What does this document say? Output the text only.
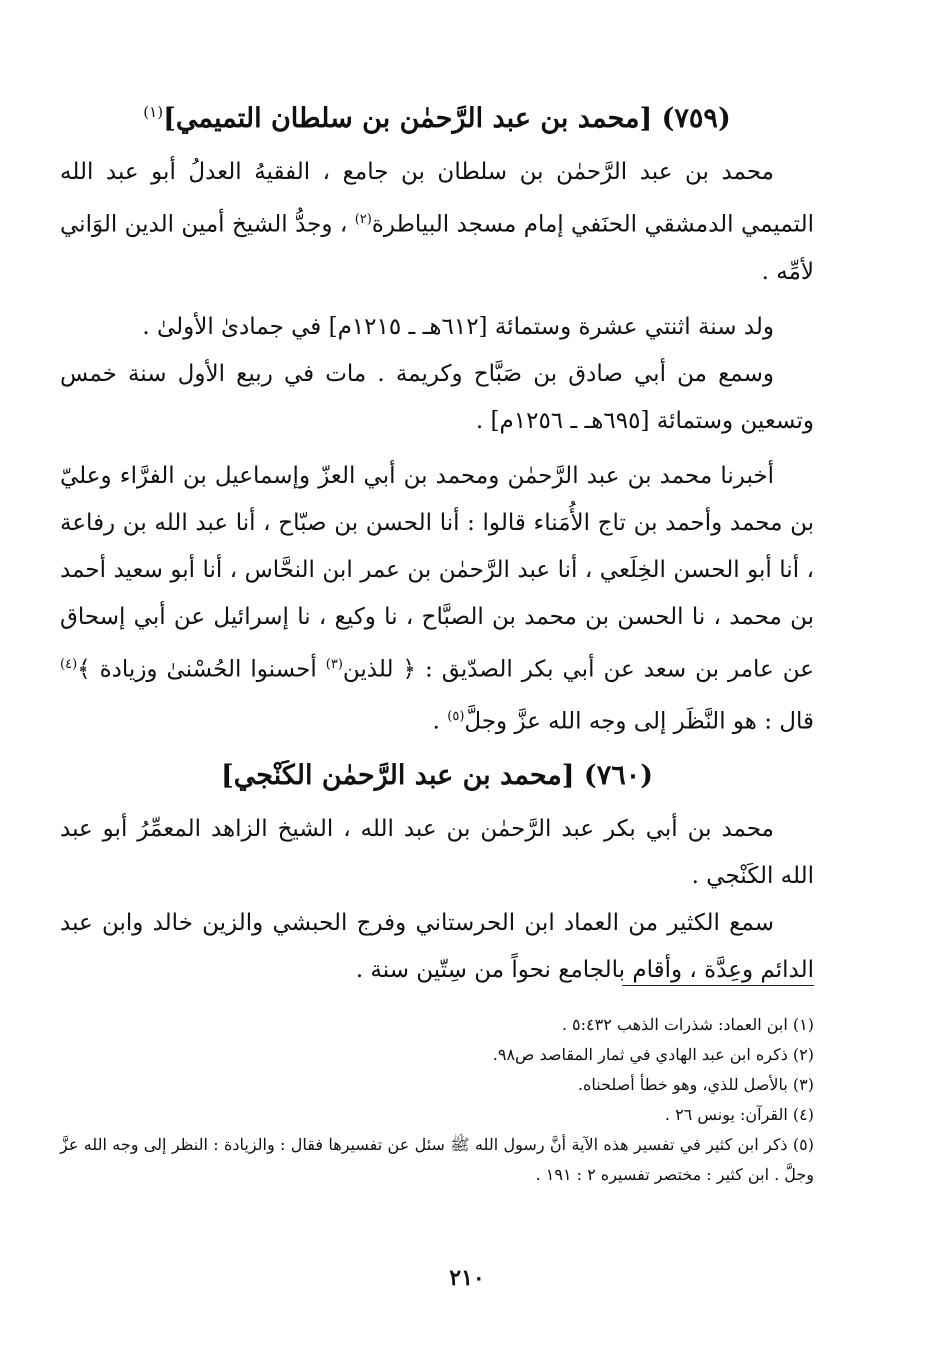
(٧٥٩) [محمد بن عبد الرَّحمٰن بن سلطان التميمي]$^{(١)}$

محمد بن عبد الرَّحمٰن بن سلطان بن جامع ، الفقيهُ العدلُ أبو عبد الله التميمي الدمشقي الحنَفي إمام مسجد البياطرة$^{(٢)}$ ، وجدُّ الشيخ أمين الدين الوَاني لأمِّه .

ولد سنة اثنتي عشرة وستمائة [٦١٢هـ ـ ١٢١٥م] في جمادىٰ الأولىٰ .

وسمع من أبي صادق بن صَبَّاح وكريمة . مات في ربيع الأول سنة خمس وتسعين وستمائة [٦٩٥هـ ـ ١٢٥٦م] .

أخبرنا محمد بن عبد الرَّحمٰن ومحمد بن أبي العزّ وإسماعيل بن الفرَّاء وعليّ بن محمد وأحمد بن تاج الأُمَناء قالوا : أنا الحسن بن صبّاح ، أنا عبد الله بن رفاعة ، أنا أبو الحسن الخِلَعي ، أنا عبد الرَّحمٰن بن عمر ابن النحَّاس ، أنا أبو سعيد أحمد بن محمد ، نا الحسن بن محمد بن الصبَّاح ، نا وكيع ، نا إسرائيل عن أبي إسحاق عن عامر بن سعد عن أبي بكر الصدّيق : ﴿ للذين$^{(٣)}$ أحسنوا الحُسْنىٰ وزيادة ﴾$^{(٤)}$ قال : هو النَّظَر إلى وجه الله عزَّ وجلَّ$^{(٥)}$ .

(٧٦٠) [محمد بن عبد الرَّحمٰن الكَنْجي]

محمد بن أبي بكر عبد الرَّحمٰن بن عبد الله ، الشيخ الزاهد المعمِّرُ أبو عبد الله الكَنْجي .

سمع الكثير من العماد ابن الحرستاني وفرج الحبشي والزين خالد وابن عبد الدائم وعِدَّة ، وأقام بالجامع نحواً من سِتّين سنة .

(١) ابن العماد: شذرات الذهب ٥:٤٣٢ .

(٢) ذكره ابن عبد الهادي في ثمار المقاصد ص٩٨.

(٣) بالأصل للذي، وهو خطأ أصلحناه.

(٤) القرآن: يونس ٢٦ .

(٥) ذكر ابن كثير في تفسير هذه الآية أنَّ رسول الله ﷺ سئل عن تفسيرها فقال : والزيادة : النظر إلى وجه الله عزَّ وجلَّ . ابن كثير : مختصر تفسيره ٢ : ١٩١ .

٢١٠
